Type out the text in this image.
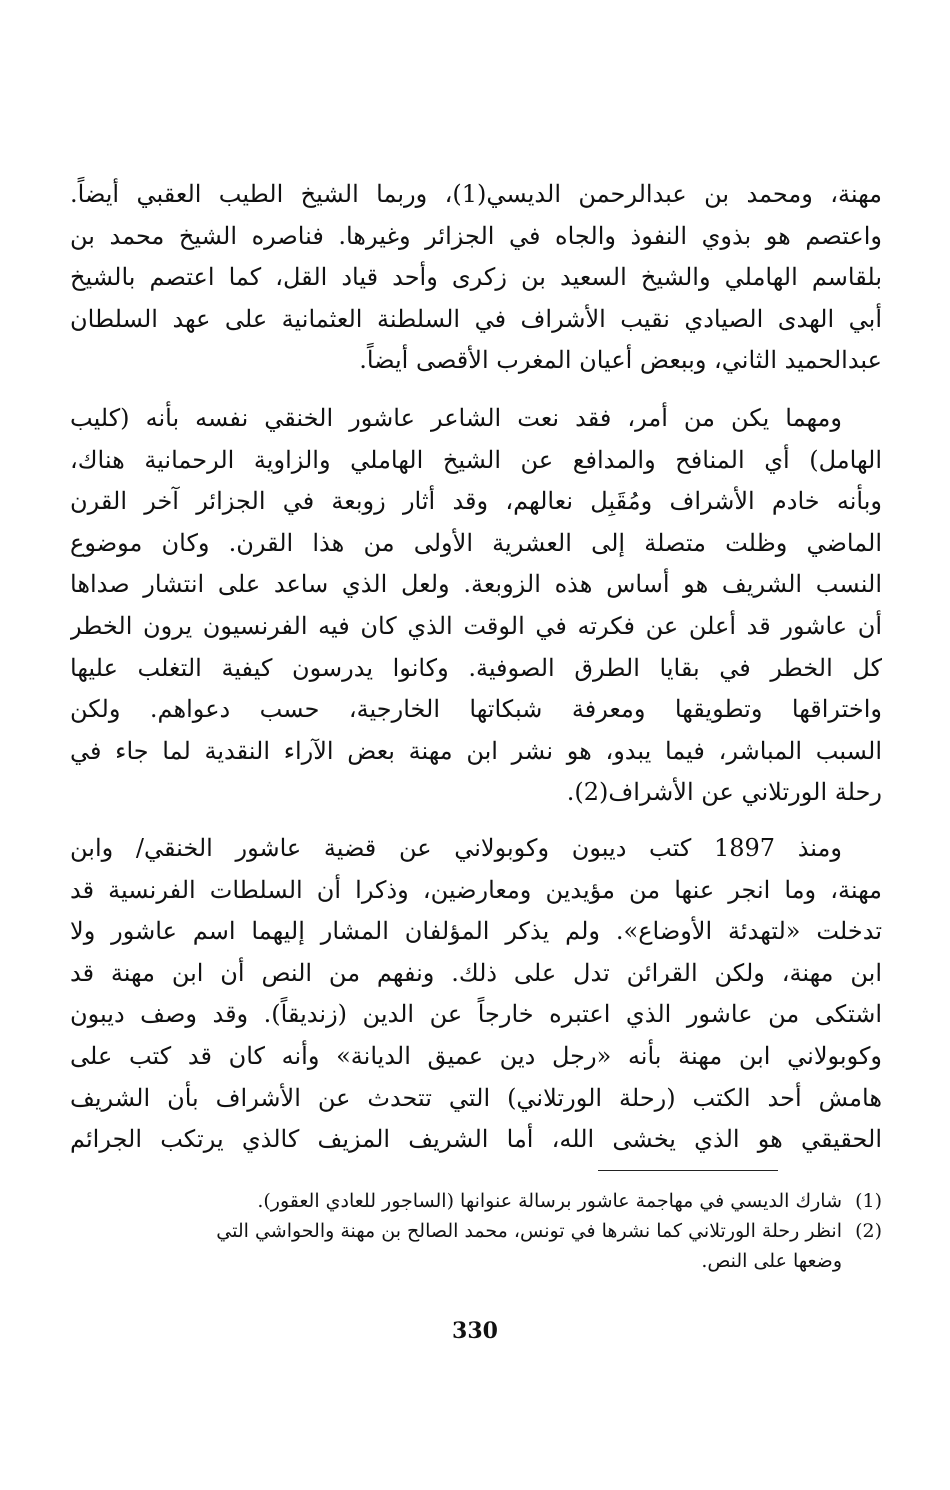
مهنة، ومحمد بن عبدالرحمن الديسي(1)، وربما الشيخ الطيب العقبي أيضاً.
واعتصم هو بذوي النفوذ والجاه في الجزائر وغيرها. فناصره الشيخ محمد بن
بلقاسم الهاملي والشيخ السعيد بن زكرى وأحد قياد القل، كما اعتصم بالشيخ
أبي الهدى الصيادي نقيب الأشراف في السلطنة العثمانية على عهد السلطان
عبدالحميد الثاني، وببعض أعيان المغرب الأقصى أيضاً.
ومهما يكن من أمر، فقد نعت الشاعر عاشور الخنقي نفسه بأنه (كليب
الهامل) أي المنافح والمدافع عن الشيخ الهاملي والزاوية الرحمانية هناك،
وبأنه خادم الأشراف ومُقَبِل نعالهم، وقد أثار زوبعة في الجزائر آخر القرن
الماضي وظلت متصلة إلى العشرية الأولى من هذا القرن. وكان موضوع
النسب الشريف هو أساس هذه الزوبعة. ولعل الذي ساعد على انتشار صداها
أن عاشور قد أعلن عن فكرته في الوقت الذي كان فيه الفرنسيون يرون الخطر
كل الخطر في بقايا الطرق الصوفية. وكانوا يدرسون كيفية التغلب عليها
واختراقها وتطويقها ومعرفة شبكاتها الخارجية، حسب دعواهم. ولكن
السبب المباشر، فيما يبدو، هو نشر ابن مهنة بعض الآراء النقدية لما جاء في
رحلة الورتلاني عن الأشراف(2).
ومنذ 1897 كتب ديبون وكوبولاني عن قضية عاشور الخنقي/ وابن
مهنة، وما انجر عنها من مؤيدين ومعارضين، وذكرا أن السلطات الفرنسية قد
تدخلت «لتهدئة الأوضاع». ولم يذكر المؤلفان المشار إليهما اسم عاشور ولا
ابن مهنة، ولكن القرائن تدل على ذلك. ونفهم من النص أن ابن مهنة قد
اشتكى من عاشور الذي اعتبره خارجاً عن الدين (زنديقاً). وقد وصف ديبون
وكوبولاني ابن مهنة بأنه «رجل دين عميق الديانة» وأنه كان قد كتب على
هامش أحد الكتب (رحلة الورتلاني) التي تتحدث عن الأشراف بأن الشريف
الحقيقي هو الذي يخشى الله، أما الشريف المزيف كالذي يرتكب الجرائم
(1)
شارك الديسي في مهاجمة عاشور برسالة عنوانها (الساجور للعادي العقور).
(2)
انظر رحلة الورتلاني كما نشرها في تونس، محمد الصالح بن مهنة والحواشي التي
وضعها على النص.
330
